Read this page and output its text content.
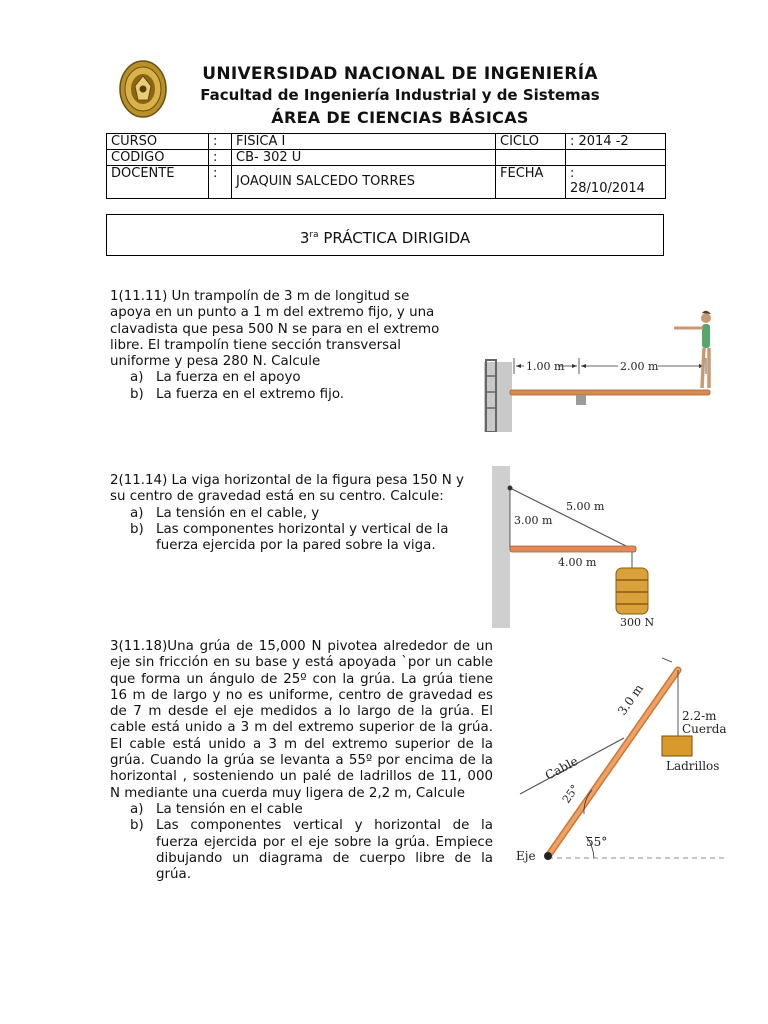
UNIVERSIDAD NACIONAL DE INGENIERÍA
Facultad de Ingeniería Industrial y de Sistemas
ÁREA DE CIENCIAS BÁSICAS
CURSO	:	FISICA I	CICLO	: 2014 -2
CODIGO	:	CB- 302 U		
DOCENTE	:	JOAQUIN SALCEDO TORRES	FECHA	:
28/10/2014
$3^{ra}$ PRÁCTICA DIRIGIDA

1(11.11) Un trampolín de 3 m de longitud se apoya en un punto a 1 m del extremo fijo, y una clavadista que pesa 500 N se para en el extremo libre. El trampolín tiene sección transversal uniforme y pesa 280 N. Calcule

a) La fuerza en el apoyo
b) La fuerza en el extremo fijo.
1.00 m	2.00 m

2(11.14) La viga horizontal de la figura pesa 150 N y su centro de gravedad está en su centro. Calcule:

a) La tensión en el cable, y
b) Las componentes horizontal y vertical de la fuerza ejercida por la pared sobre la viga.
5.00 m
3.00 m
4.00 m
300 N

3(11.18)Una grúa de 15,000 N pivotea alrededor de un eje sin fricción en su base y está apoyada `por un cable que forma un ángulo de 25º con la grúa. La grúa tiene 16 m de largo y no es uniforme, centro de gravedad es de 7 m desde el eje medidos a lo largo de la grúa. El cable está unido a 3 m del extremo superior de la grúa. El cable está unido a 3 m del extremo superior de la grúa. Cuando la grúa se levanta a 55º por encima de la horizontal , sosteniendo un palé de ladrillos de 11, 000 N mediante una cuerda muy ligera de 2,2 m, Calcule

a) La tensión en el cable
b) Las componentes vertical y horizontal de la fuerza ejercida por el eje sobre la grúa. Empiece dibujando un diagrama de cuerpo libre de la grúa.
3.0 m	2.2-m
Cuerda
Ladrillos
Cable
25°
55°
Eje
